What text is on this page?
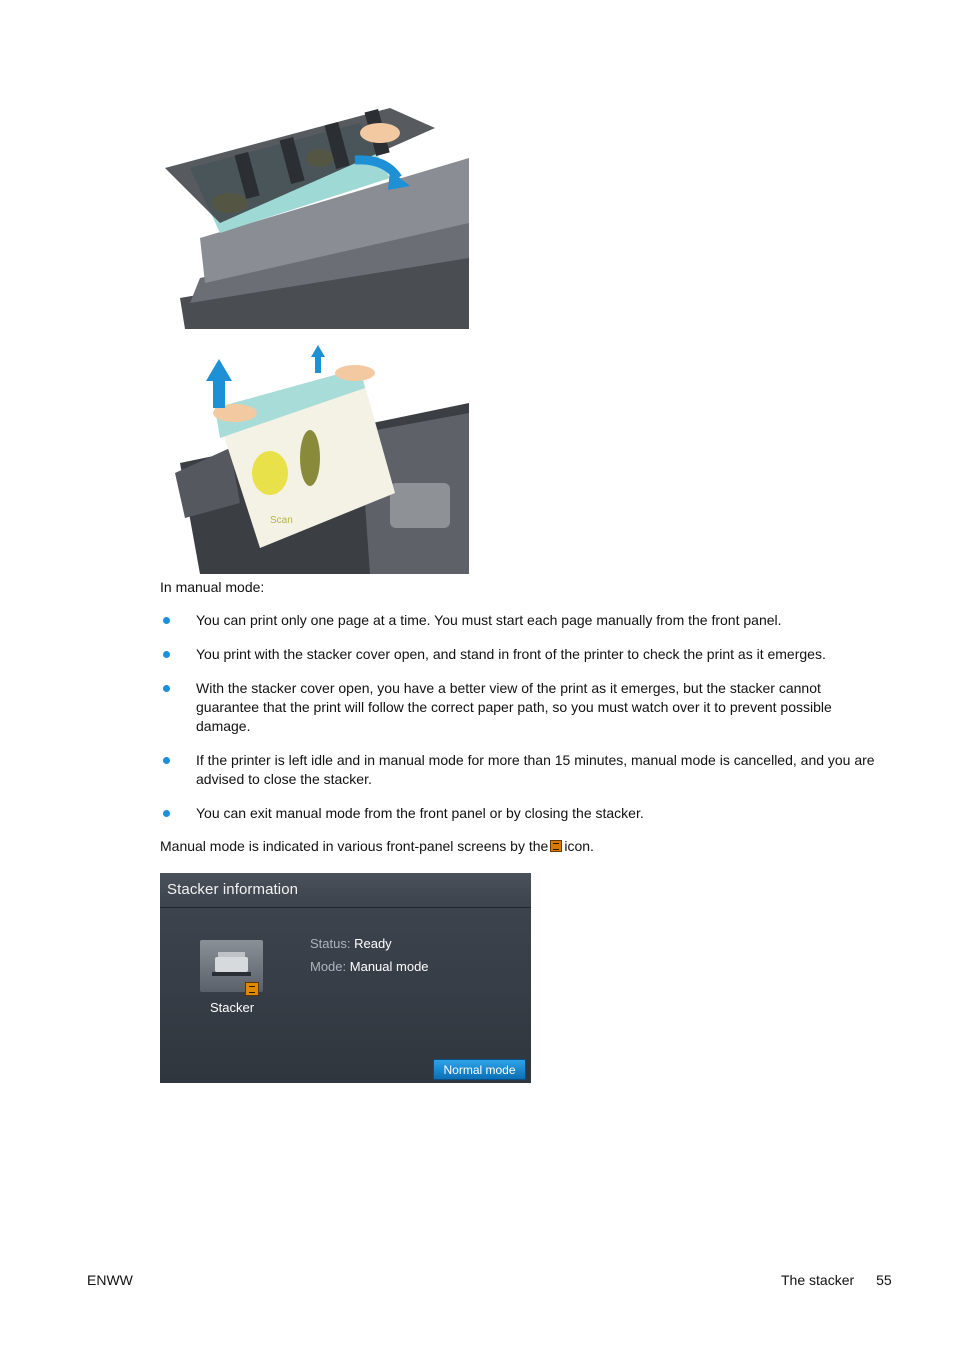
Scan
In manual mode:
You can print only one page at a time. You must start each page manually from the front panel.
You print with the stacker cover open, and stand in front of the printer to check the print as it emerges.
With the stacker cover open, you have a better view of the print as it emerges, but the stacker cannot guarantee that the print will follow the correct paper path, so you must watch over it to prevent possible damage.
If the printer is left idle and in manual mode for more than 15 minutes, manual mode is cancelled, and you are advised to close the stacker.
You can exit manual mode from the front panel or by closing the stacker.
Manual mode is indicated in various front-panel screens by the icon.
Stacker information
Stacker
Status: Ready
Mode: Manual mode
Normal mode
ENWW	The stacker 55
